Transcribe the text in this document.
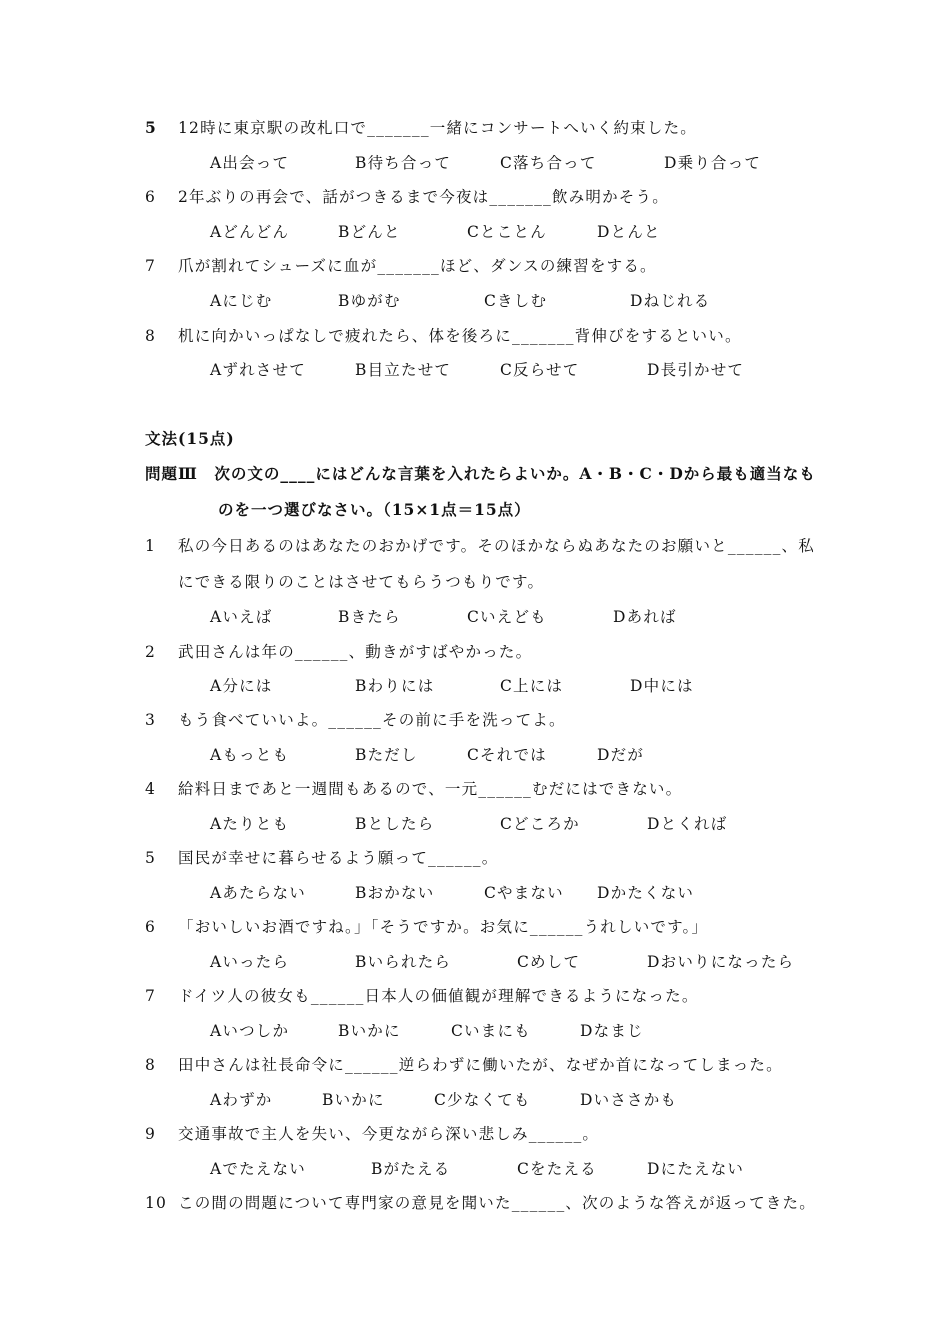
5 12時に東京駅の改札口で_______一緒にコンサートへいく約束した。
A出会って	B待ち合って	C落ち合って	D乗り合って
6 2年ぶりの再会で、話がつきるまで今夜は_______飲み明かそう。
Aどんどん	Bどんと	Cとことん	Dとんと
7 爪が割れてシューズに血が_______ほど、ダンスの練習をする。
Aにじむ	Bゆがむ	Cきしむ	Dねじれる
8 机に向かいっぱなしで疲れたら、体を後ろに_______背伸びをするといい。
Aずれさせて	B目立たせて	C反らせて	D長引かせて
文法(15点)
問題Ⅲ　次の文の____にはどんな言葉を入れたらよいか。A・B・C・Dから最も適当なも
のを一つ選びなさい。（15×1点＝15点）
1 私の今日あるのはあなたのおかげです。そのほかならぬあなたのお願いと______、私
にできる限りのことはさせてもらうつもりです。
Aいえば	Bきたら	Cいえども	Dあれば
2 武田さんは年の______、動きがすばやかった。
A分には	Bわりには	C上には	D中には
3 もう食べていいよ。______その前に手を洗ってよ。
Aもっとも	Bただし	Cそれでは	Dだが
4 給料日まであと一週間もあるので、一元______むだにはできない。
Aたりとも	Bとしたら	Cどころか	Dとくれば
5 国民が幸せに暮らせるよう願って______。
Aあたらない	Bおかない	Cやまない Dかたくない
6 「おいしいお酒ですね。」「そうですか。お気に______うれしいです。」
Aいったら	Bいられたら	Cめして	Dおいりになったら
7 ドイツ人の彼女も______日本人の価値観が理解できるようになった。
Aいつしか	Bいかに	Cいまにも	Dなまじ
8 田中さんは社長命令に______逆らわずに働いたが、なぜか首になってしまった。
Aわずか	Bいかに	C少なくても	Dいささかも
9 交通事故で主人を失い、今更ながら深い悲しみ______。
Aでたえない	Bがたえる	Cをたえる	Dにたえない
10 この間の問題について専門家の意見を聞いた______、次のような答えが返ってきた。
